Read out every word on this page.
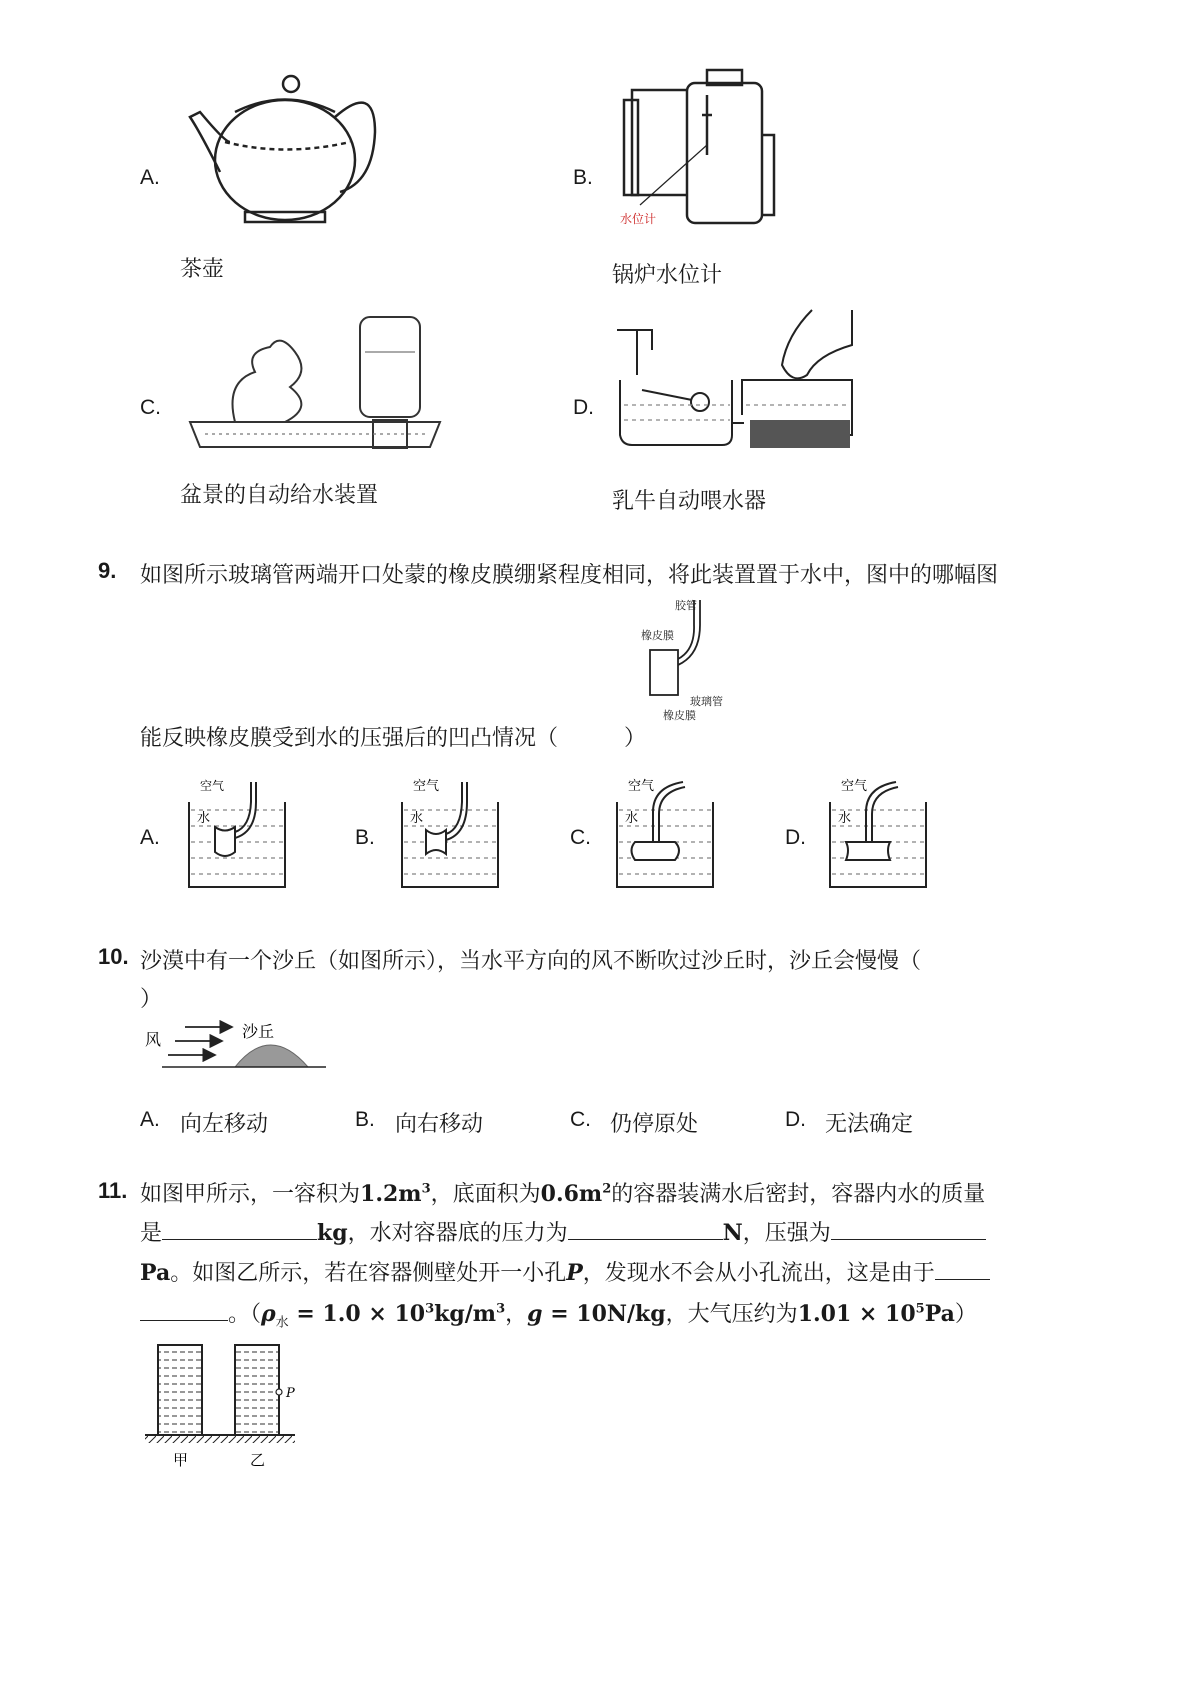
A.
茶壶
B.
锅炉水位计
水位计
C.
盆景的自动给水装置
D.
乳牛自动喂水器
9. 如图所示玻璃管两端开口处蒙的橡皮膜绷紧程度相同，将此装置置于水中，图中的哪幅图
胶管
橡皮膜
玻璃管
橡皮膜
能反映橡皮膜受到水的压强后的凹凸情况（　　　）
A.
空气
水
B.
空气
水
C.
空气
水
D.
空气
水
10. 沙漠中有一个沙丘（如图所示），当水平方向的风不断吹过沙丘时，沙丘会慢慢（
）
风	沙丘
A. 向左移动	B. 向右移动	C. 仍停原处	D. 无法确定
11. 如图甲所示，一容积为$1.2m^3$，底面积为$0.6m^2$的容器装满水后密封，容器内水的质量
是	kg，水对容器底的压力为	N，压强为
Pa。如图乙所示，若在容器侧壁处开一小孔P，发现水不会从小孔流出，这是由于
。（$\rho_水 = 1.0 \times 10^3kg/m^3$，g = 10N/kg，大气压约为$1.01 \times 10^5Pa$）
P
甲	乙
